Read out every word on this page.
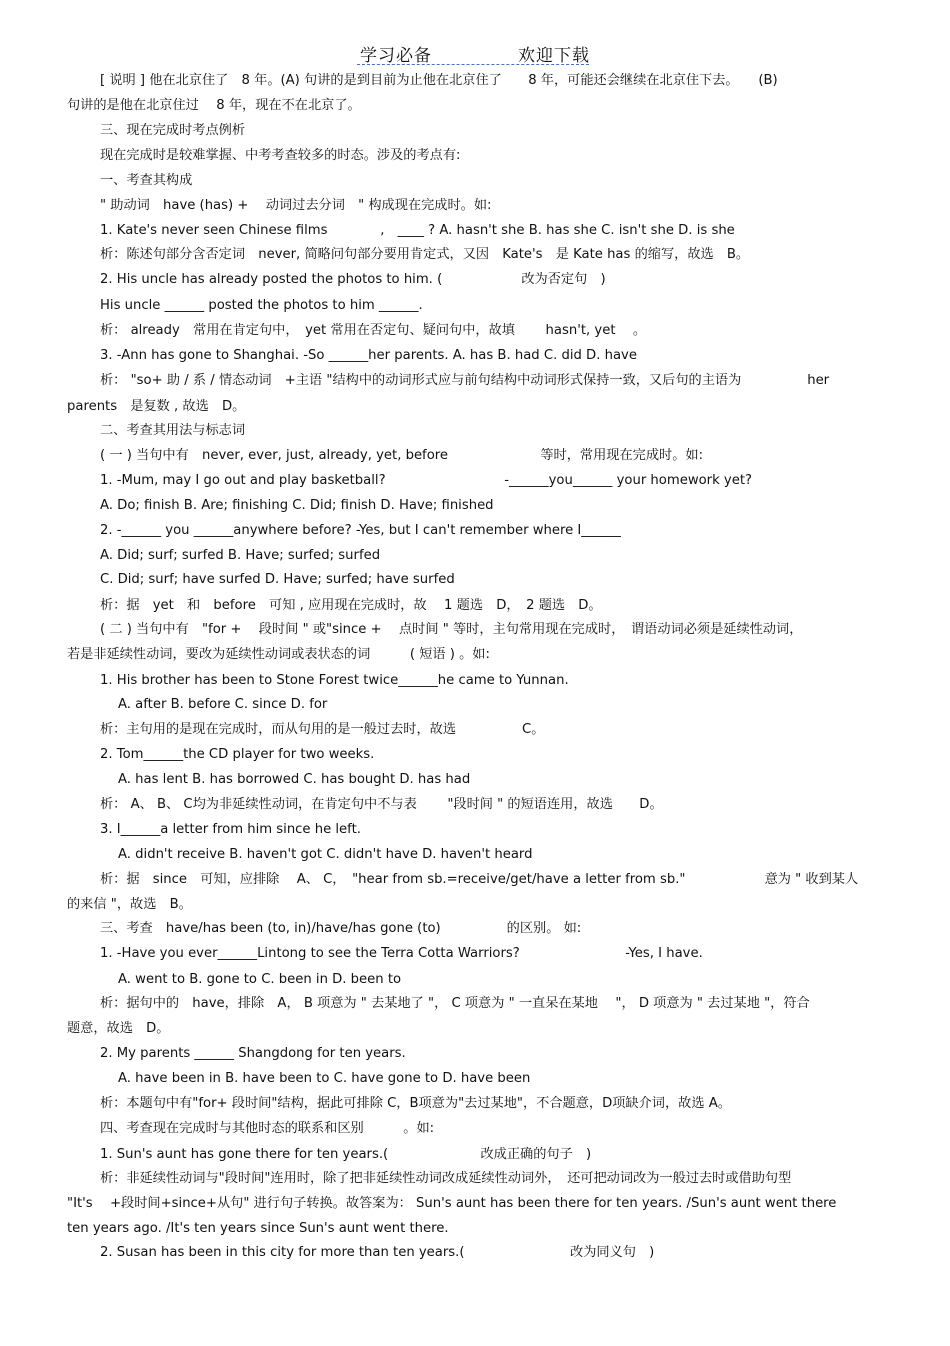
学习必备	欢迎下载
[ 说明 ] 他在北京住了　8 年。(A) 句讲的是到目前为止他在北京住了　　8 年，可能还会继续在北京住下去。　　(B)
句讲的是他在北京住过　 8 年，现在不在北京了。
三、现在完成时考点例析
现在完成时是较难掌握、中考考查较多的时态。涉及的考点有:
一、考查其构成
" 助动词　have (has) +　 动词过去分词　" 构成现在完成时。如:
1. Kate's never seen Chinese films　　　　,　____ ? A. hasn't she B. has she C. isn't she D. is she
析：陈述句部分含否定词　never, 简略问句部分要用肯定式，又因　Kate's　是 Kate has 的缩写，故选　B。
2. His uncle has already posted the photos to him. (　　　　　　改为否定句　)
His uncle ______ posted the photos to him ______.
析： already　常用在肯定句中，　yet 常用在否定句、疑问句中，故填　　 hasn't, yet　 。
3. -Ann has gone to Shanghai. -So ______her parents. A. has B. had C. did D. have
析： "so+ 助 / 系 / 情态动词　+主语 "结构中的动词形式应与前句结构中动词形式保持一致，又后句的主语为　　　　　her
parents　是复数 , 故选　D。
二、考查其用法与标志词
( 一 ) 当句中有　never, ever, just, already, yet, before　　　　　　　等时，常用现在完成时。如:
1. -Mum, may I go out and play basketball?　　　　　　　　　-______you______ your homework yet?
A. Do; finish B. Are; finishing C. Did; finish D. Have; finished
2. -______ you ______anywhere before? -Yes, but I can't remember where I______
A. Did; surf; surfed B. Have; surfed; surfed
C. Did; surf; have surfed D. Have; surfed; have surfed
析：据　yet　和　before　可知 , 应用现在完成时，故　 1 题选　D，　2 题选　D。
( 二 ) 当句中有　"for +　 段时间 " 或"since +　 点时间 " 等时，主句常用现在完成时，　谓语动词必须是延续性动词，
若是非延续性动词，要改为延续性动词或表状态的词　　　( 短语 ) 。如:
1. His brother has been to Stone Forest twice______he came to Yunnan.
A. after B. before C. since D. for
析：主句用的是现在完成时，而从句用的是一般过去时，故选　　　　　C。
2. Tom______the CD player for two weeks.
A. has lent B. has borrowed C. has bought D. has had
析： A、 B、 C均为非延续性动词，在肯定句中不与表　　 "段时间 " 的短语连用，故选　　D。
3. I______a letter from him since he left.
A. didn't receive B. haven't got C. didn't have D. haven't heard
析：据　since　可知，应排除　 A、 C，　"hear from sb.=receive/get/have a letter from sb."　　　　　　意为 " 收到某人
的来信 "，故选　B。
三、考查　have/has been (to, in)/have/has gone (to)　　　　　的区别。 如:
1. -Have you ever______Lintong to see the Terra Cotta Warriors?　　　　　　　　-Yes, I have.
A. went to B. gone to C. been in D. been to
析：据句中的　have，排除　A， B 项意为 " 去某地了 "， C 项意为 " 一直呆在某地　 "， D 项意为 " 去过某地 "，符合
题意，故选　D。
2. My parents ______ Shangdong for ten years.
A. have been in B. have been to C. have gone to D. have been
析：本题句中有"for+ 段时间"结构，据此可排除 C，B项意为"去过某地"，不合题意，D项缺介词，故选 A。
四、考查现在完成时与其他时态的联系和区别　　　。如:
1. Sun's aunt has gone there for ten years.(　　　　　　　改成正确的句子　)
析：非延续性动词与"段时间"连用时，除了把非延续性动词改成延续性动词外，　还可把动词改为一般过去时或借助句型
"It's　 +段时间+since+从句" 进行句子转换。故答案为： Sun's aunt has been there for ten years. /Sun's aunt went there
ten years ago. /It's ten years since Sun's aunt went there.
2. Susan has been in this city for more than ten years.(　　　　　　　　改为同义句　)
